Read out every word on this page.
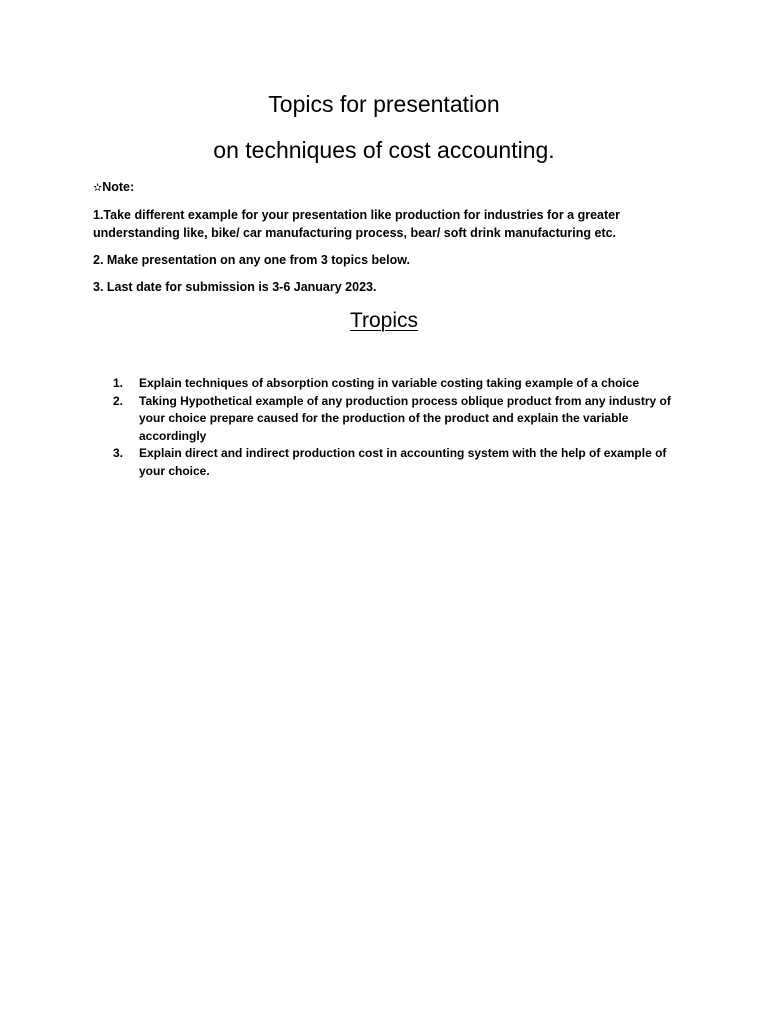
Topics for presentation
on techniques of cost accounting.

✫Note:

1.Take different example for your presentation like production for industries for a greater understanding like, bike/ car manufacturing process, bear/ soft drink manufacturing etc.

2. Make presentation on any one from 3 topics below.

3. Last date for submission is 3-6 January 2023.

Tropics
1.	Explain techniques of absorption costing in variable costing taking example of a choice
2.	Taking Hypothetical example of any production process oblique product from any industry of your choice prepare caused for the production of the product and explain the variable accordingly
3.	Explain direct and indirect production cost in accounting system with the help of example of your choice.
